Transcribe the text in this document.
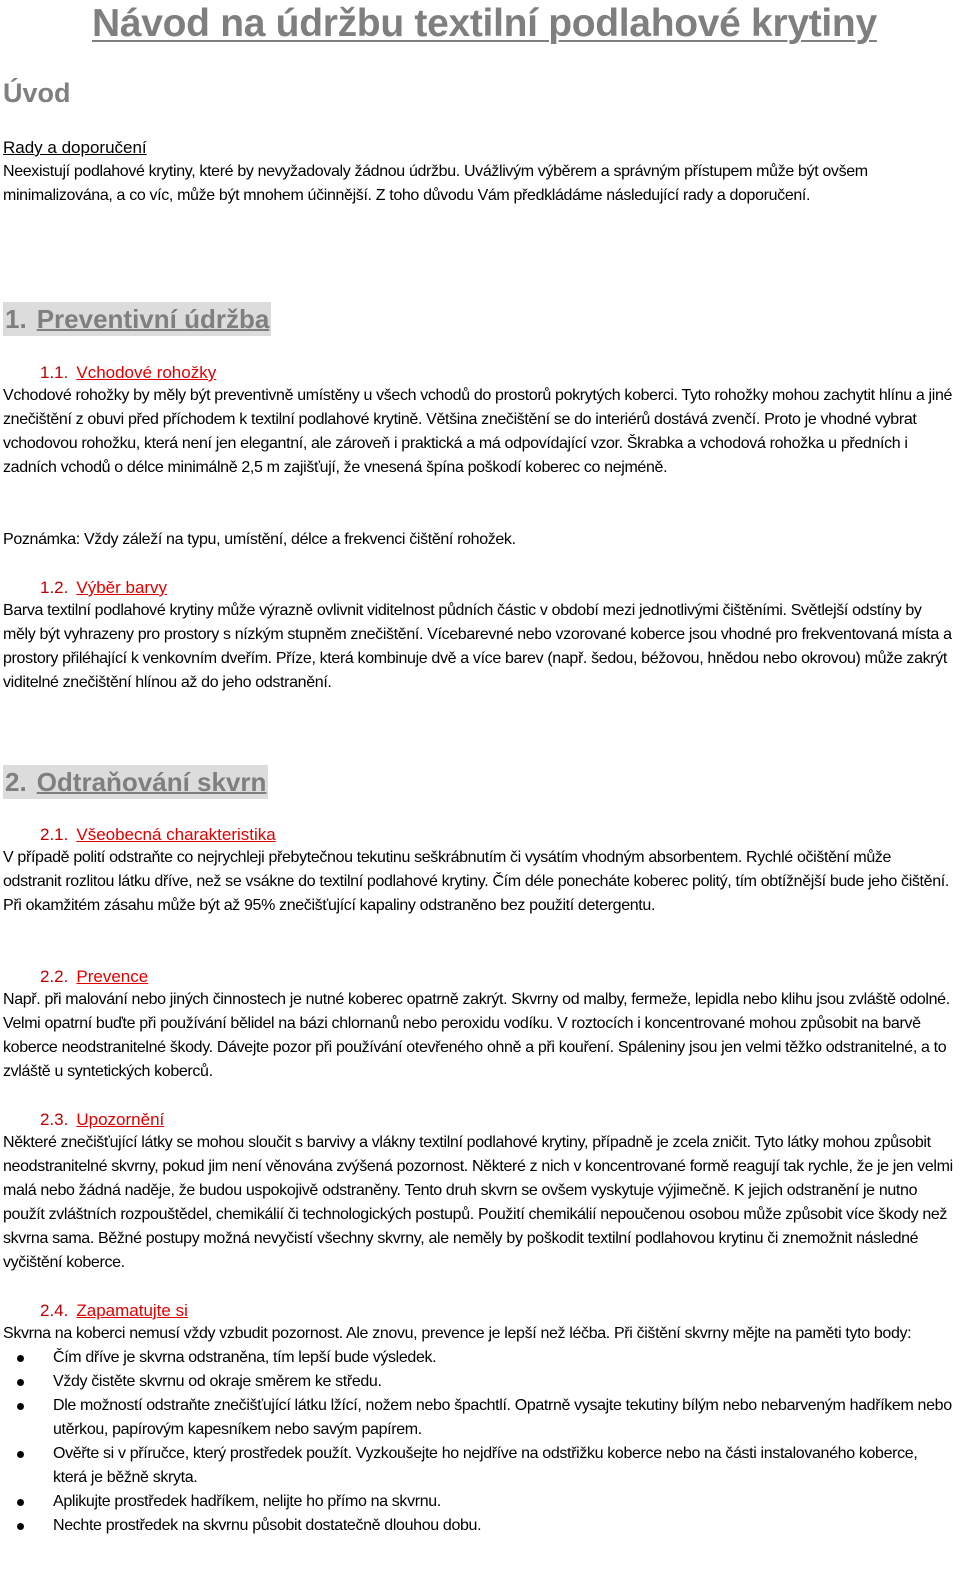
Návod na údržbu textilní podlahové krytiny
Úvod
Rady a doporučení

Neexistují podlahové krytiny, které by nevyžadovaly žádnou údržbu. Uvážlivým výběrem a správným přístupem může být ovšem minimalizována, a co víc, může být mnohem účinnější. Z toho důvodu Vám předkládáme následující rady a doporučení.

1. Preventivní údržba
1.1. Vchodové rohožky

Vchodové rohožky by měly být preventivně umístěny u všech vchodů do prostorů pokrytých koberci. Tyto rohožky mohou zachytit hlínu a jiné znečištění z obuvi před příchodem k textilní podlahové krytině. Většina znečištění se do interiérů dostává zvenčí. Proto je vhodné vybrat vchodovou rohožku, která není jen elegantní, ale zároveň i praktická a má odpovídající vzor. Škrabka a vchodová rohožka u předních i zadních vchodů o délce minimálně 2,5 m zajišťují, že vnesená špína poškodí koberec co nejméně.

Poznámka: Vždy záleží na typu, umístění, délce a frekvenci čištění rohožek.

1.2. Výběr barvy

Barva textilní podlahové krytiny může výrazně ovlivnit viditelnost půdních částic v období mezi jednotlivými čištěními. Světlejší odstíny by měly být vyhrazeny pro prostory s nízkým stupněm znečištění. Vícebarevné nebo vzorované koberce jsou vhodné pro frekventovaná místa a prostory přiléhající k venkovním dveřím. Příze, která kombinuje dvě a více barev (např. šedou, béžovou, hnědou nebo okrovou) může zakrýt viditelné znečištění hlínou až do jeho odstranění.

2. Odtraňování skvrn
2.1. Všeobecná charakteristika

V případě polití odstraňte co nejrychleji přebytečnou tekutinu seškrábnutím či vysátím vhodným absorbentem. Rychlé očištění může odstranit rozlitou látku dříve, než se vsákne do textilní podlahové krytiny. Čím déle ponecháte koberec politý, tím obtížnější bude jeho čištění.

Při okamžitém zásahu může být až 95% znečišťující kapaliny odstraněno bez použití detergentu.

2.2. Prevence

Např. při malování nebo jiných činnostech je nutné koberec opatrně zakrýt. Skvrny od malby, fermeže, lepidla nebo klihu jsou zvláště odolné. Velmi opatrní buďte při používání bělidel na bázi chlornanů nebo peroxidu vodíku. V roztocích i koncentrované mohou způsobit na barvě koberce neodstranitelné škody. Dávejte pozor při používání otevřeného ohně a při kouření. Spáleniny jsou jen velmi těžko odstranitelné, a to zvláště u syntetických koberců.

2.3. Upozornění

Některé znečišťující látky se mohou sloučit s barvivy a vlákny textilní podlahové krytiny, případně je zcela zničit. Tyto látky mohou způsobit neodstranitelné skvrny, pokud jim není věnována zvýšená pozornost. Některé z nich v koncentrované formě reagují tak rychle, že je jen velmi malá nebo žádná naděje, že budou uspokojivě odstraněny. Tento druh skvrn se ovšem vyskytuje výjimečně. K jejich odstranění je nutno použít zvláštních rozpouštědel, chemikálií či technologických postupů. Použití chemikálií nepoučenou osobou může způsobit více škody než skvrna sama. Běžné postupy možná nevyčistí všechny skvrny, ale neměly by poškodit textilní podlahovou krytinu či znemožnit následné vyčištění koberce.

2.4. Zapamatujte si

Skvrna na koberci nemusí vždy vzbudit pozornost. Ale znovu, prevence je lepší než léčba. Při čištění skvrny mějte na paměti tyto body:

Čím dříve je skvrna odstraněna, tím lepší bude výsledek.
Vždy čistěte skvrnu od okraje směrem ke středu.
Dle možností odstraňte znečišťující látku lžící, nožem nebo špachtlí. Opatrně vysajte tekutiny bílým nebo nebarveným hadříkem nebo utěrkou, papírovým kapesníkem nebo savým papírem.
Ověřte si v příručce, který prostředek použít. Vyzkoušejte ho nejdříve na odstřižku koberce nebo na části instalovaného koberce, která je běžně skryta.
Aplikujte prostředek hadříkem, nelijte ho přímo na skvrnu.
Nechte prostředek na skvrnu působit dostatečně dlouhou dobu.
